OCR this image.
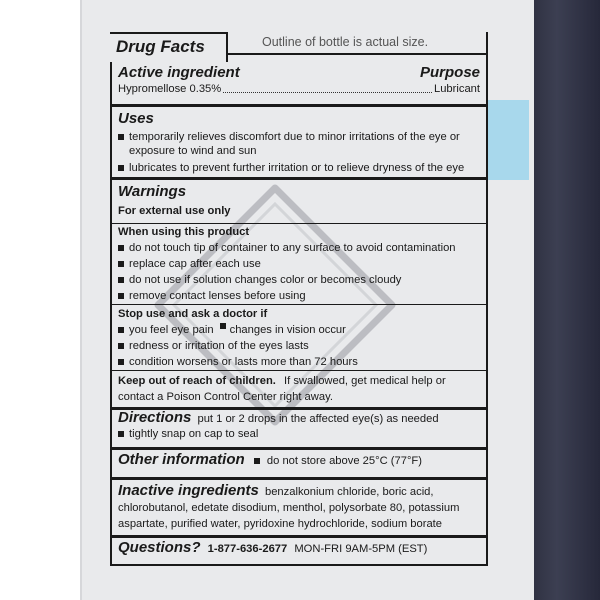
Outline of bottle is actual size.
Drug Facts
Active ingredient	Purpose
Hypromellose 0.35%	Lubricant
Uses
temporarily relieves discomfort due to minor irritations of the eye or exposure to wind and sun
lubricates to prevent further irritation or to relieve dryness of the eye
Warnings
For external use only
When using this product
do not touch tip of container to any surface to avoid contamination
replace cap after each use
do not use if solution changes color or becomes cloudy
remove contact lenses before using
Stop use and ask a doctor if
you feel eye pain changes in vision occur
redness or irritation of the eyes lasts
condition worsens or lasts more than 72 hours
Keep out of reach of children. If swallowed, get medical help or
contact a Poison Control Center right away.
Directions put 1 or 2 drops in the affected eye(s) as needed
tightly snap on cap to seal
Other information do not store above 25°C (77°F)
Inactive ingredients benzalkonium chloride, boric acid,
chlorobutanol, edetate disodium, menthol, polysorbate 80, potassium
aspartate, purified water, pyridoxine hydrochloride, sodium borate
Questions? 1-877-636-2677 MON-FRI 9AM-5PM (EST)
